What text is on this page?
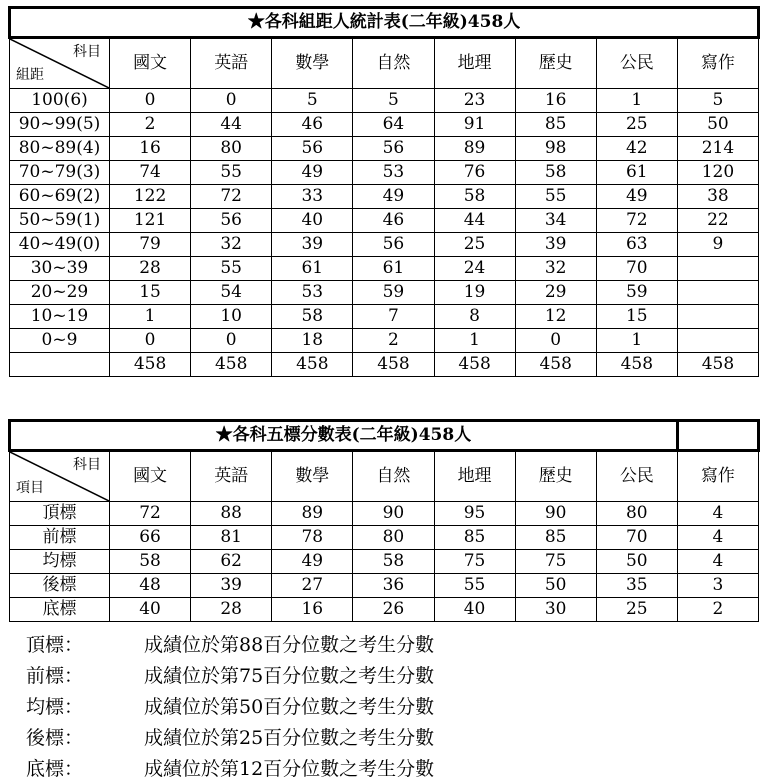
★各科組距人統計表(二年級)458人								

科目
組距	國文	英語	數學	自然	地理	歷史	公民	寫作
100(6)	0	0	5	5	23	16	1	5
90~99(5)	2	44	46	64	91	85	25	50
80~89(4)	16	80	56	56	89	98	42	214
70~79(3)	74	55	49	53	76	58	61	120
60~69(2)	122	72	33	49	58	55	49	38
50~59(1)	121	56	40	46	44	34	72	22
40~49(0)	79	32	39	56	25	39	63	9
30~39	28	55	61	61	24	32	70	
20~29	15	54	53	59	19	29	59	
10~19	1	10	58	7	8	12	15	
0~9	0	0	18	2	1	0	1	
	458	458	458	458	458	458	458	458
★各科五標分數表(二年級)458人								

科目
項目	國文	英語	數學	自然	地理	歷史	公民	寫作
頂標	72	88	89	90	95	90	80	4
前標	66	81	78	80	85	85	70	4
均標	58	62	49	58	75	75	50	4
後標	48	39	27	36	55	50	35	3
底標	40	28	16	26	40	30	25	2
頂標：	成績位於第88百分位數之考生分數
前標：	成績位於第75百分位數之考生分數
均標：	成績位於第50百分位數之考生分數
後標：	成績位於第25百分位數之考生分數
底標：	成績位於第12百分位數之考生分數
